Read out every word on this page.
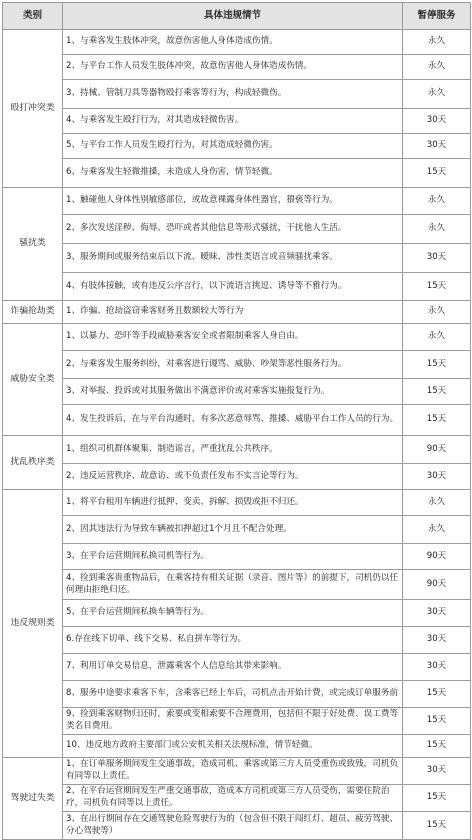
类别	具体违规情节	暂停服务
殴打冲突类	1、与乘客发生肢体冲突，故意伤害他人身体造成伤情。	永久
	2、与平台工作人员发生肢体冲突，故意伤害他人身体造成伤情。	永久
	3、持械、管制刀具等器物殴打乘客等行为，构成轻微伤。	永久
	4、与乘客发生殴打行为，对其造成轻微伤害。	30天
	5、与平台工作人员发生殴打行为，对其造成轻微伤害。	30天
	6、与乘客发生轻微推搡，未造成人身伤害，情节轻微。	15天
骚扰类	1、触碰他人身体性别敏感部位，或故意裸露身体性器官，猥亵等行为。	永久
	2、多次发送淫秽、侮辱、恐吓或者其他信息等形式骚扰，干扰他人生活。	永久
	3、服务期间或服务结束后以下流、暧昧、涉性类语言或音频骚扰乘客。	30天
	4、有肢体接触，或有违反公序言行，以下流语言挑逗、诱导等不雅行为。	15天
诈骗抢劫类	1、诈骗、抢劫盗窃乘客财务且数额较大等行为	永久
威胁安全类	1、以暴力、恐吓等手段威胁乘客安全或者限制乘客人身自由。	永久
	2、与乘客发生服务纠纷，对乘客进行谩骂、威胁、吵架等恶性服务行为。	15天
	3、对举报、投诉或对其服务做出不满意评价或对乘客实施报复行为。	15天
	4、发生投诉后，在与平台沟通时，有多次恶意辱骂、推搡、威胁平台工作人员的行为。	15天
扰乱秩序类	1、组织司机群体聚集、制造谣言，严重扰乱公共秩序。	90天
	2、违反运营秩序、故意访、或不负责任发布不实言论等行为。	30天
违反规则类	1、将平台租用车辆进行抵押、变卖、拆解、损毁或拒不归还。	永久
	2、因其违法行为导致车辆被扣押超过1个月且不配合处理。	永久
	3、在平台运营期间私换司机等行为。	90天
	4、捡到乘客贵重物品后，在乘客持有相关证据（录音、图片等）的前提下，司机仍以任何理由拒绝归还。	90天
	5、在平台运营期间私换车辆等行为。	30天
	6.存在线下切单、线下交易、私自拼车等行为。	30天
	7、利用订单交易信息，泄露乘客个人信息给其带来影响。	30天
	8、服务中途要求乘客下车，含乘客已经上车后，司机点击开始计费，或完成订单服务前	15天
	9、捡到乘客财物归还时，索要或变相索要不合理费用，包括但不限于好处费、误工费等类名目费用。	15天
	10、违反地方政府主要部门或公安机关相关法规标准，情节轻微。	15天
驾驶过失类	1、在订单服务期间发生交通事故，造成司机、乘客或第三方人员受重伤或致残，司机负有同等以上责任。	30天
	2、在平台运营期间发生严重交通事故，造成本方司机或第三方人员受伤，需要住院治疗，司机负有同等以上责任。	15天
	3、在出行期间存在交通驾驶危险驾驶行为的（包含但不限于闯红灯、超员、疲劳驾驶、分心驾驶等）	15天
